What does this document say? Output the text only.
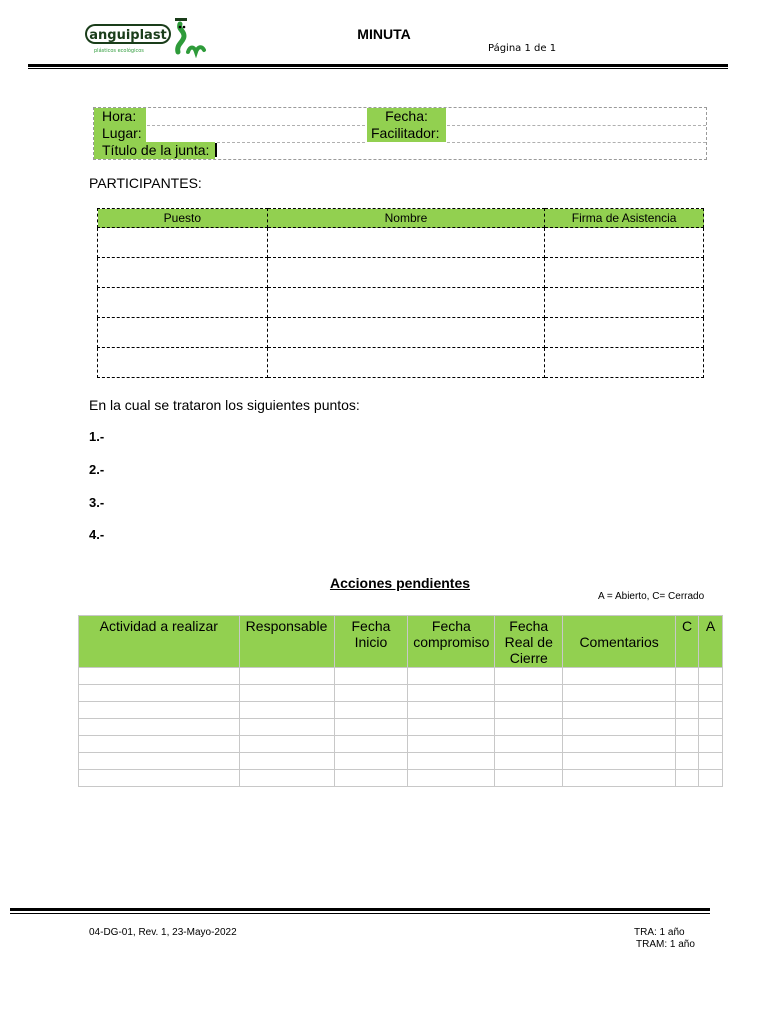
anguiplast
plásticos ecológicos
MINUTA
Página 1 de 1
Hora:	Fecha:
Lugar:	Facilitador:
Título de la junta:
PARTICIPANTES:
Puesto	Nombre	Firma de Asistencia

En la cual se trataron los siguientes puntos:
1.-
2.-
3.-
4.-
Acciones pendientes
A = Abierto, C= Cerrado
Actividad a realizar	Responsable	Fecha Inicio	Fecha compromiso	Fecha Real de Cierre	Comentarios	C	A

04-DG-01, Rev. 1, 23-Mayo-2022	TRA: 1 año
TRAM: 1 año
